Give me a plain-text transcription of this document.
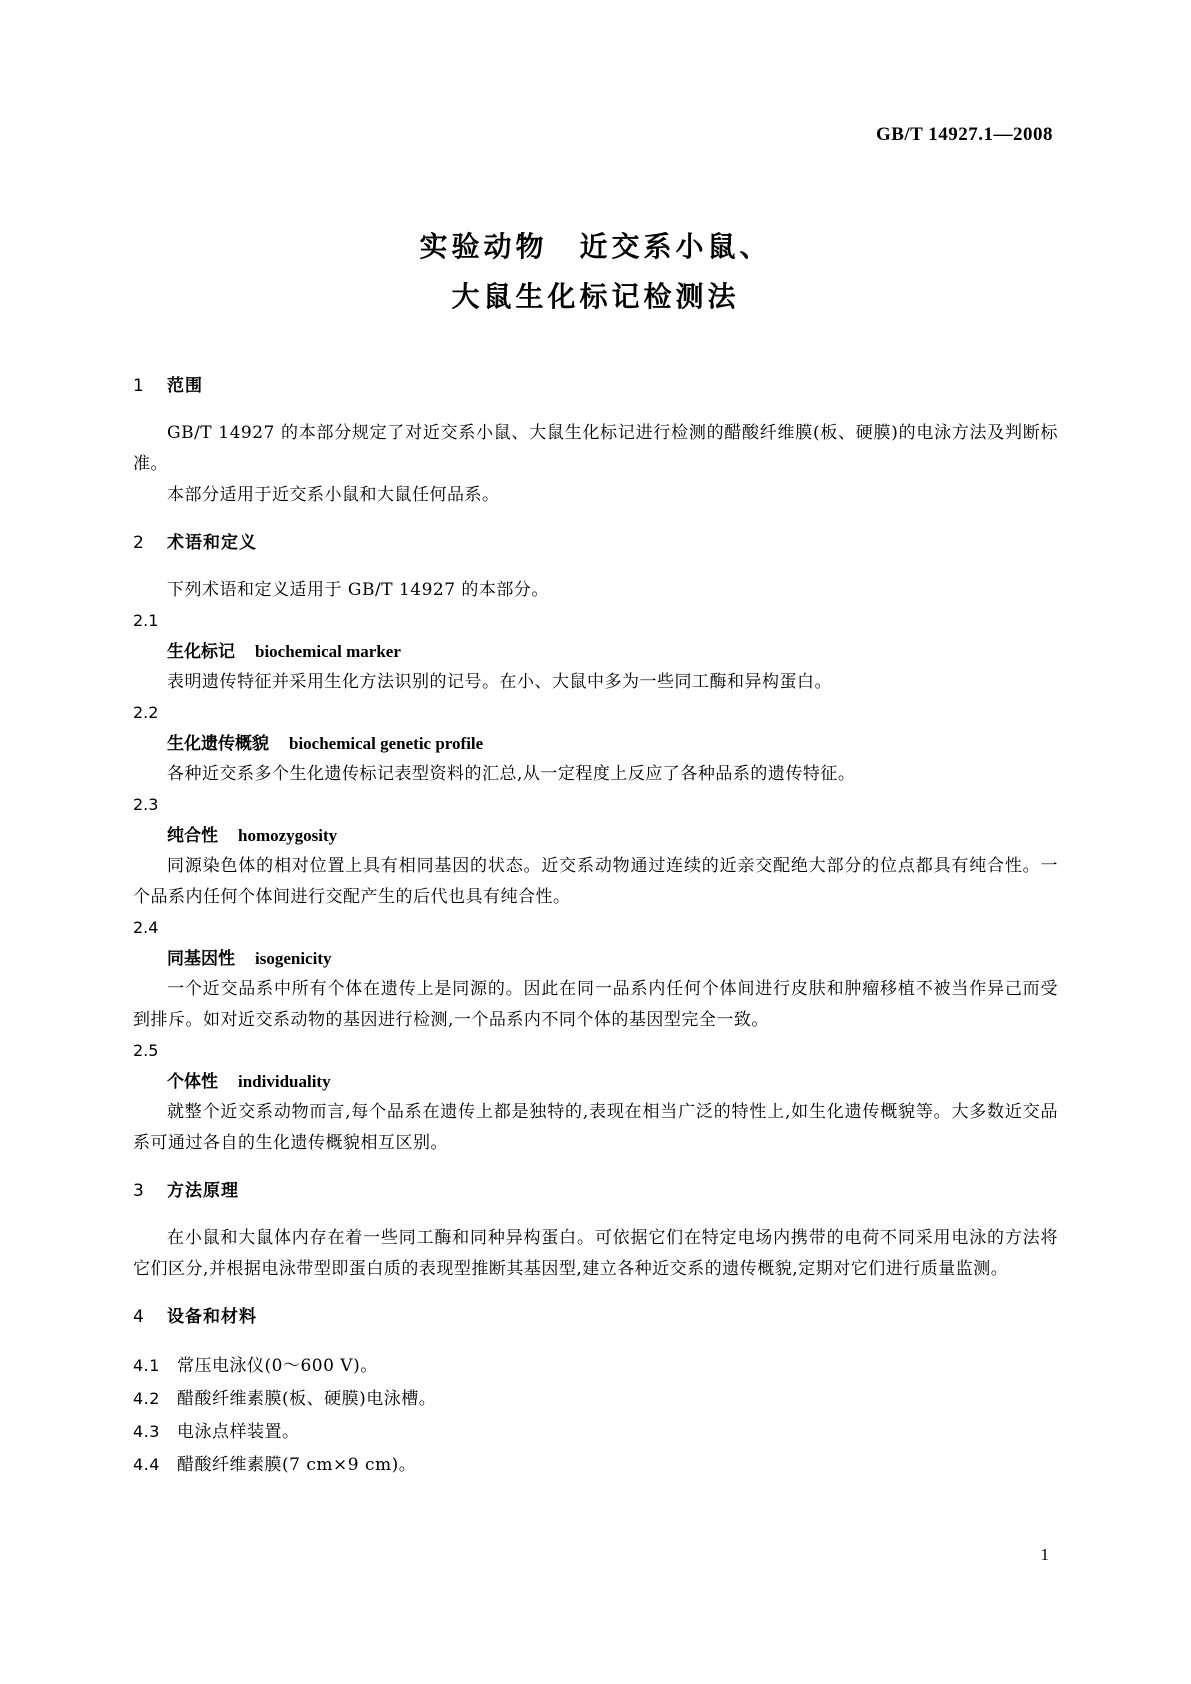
GB/T 14927.1—2008
实验动物　近交系小鼠、
大鼠生化标记检测法
1 范围
GB/T 14927 的本部分规定了对近交系小鼠、大鼠生化标记进行检测的醋酸纤维膜(板、硬膜)的电泳方法及判断标准。
本部分适用于近交系小鼠和大鼠任何品系。
2 术语和定义
下列术语和定义适用于 GB/T 14927 的本部分。
2.1
生化标记 biochemical marker
表明遗传特征并采用生化方法识别的记号。在小、大鼠中多为一些同工酶和异构蛋白。
2.2
生化遗传概貌 biochemical genetic profile
各种近交系多个生化遗传标记表型资料的汇总,从一定程度上反应了各种品系的遗传特征。
2.3
纯合性 homozygosity
同源染色体的相对位置上具有相同基因的状态。近交系动物通过连续的近亲交配绝大部分的位点都具有纯合性。一个品系内任何个体间进行交配产生的后代也具有纯合性。
2.4
同基因性 isogenicity
一个近交品系中所有个体在遗传上是同源的。因此在同一品系内任何个体间进行皮肤和肿瘤移植不被当作异己而受到排斥。如对近交系动物的基因进行检测,一个品系内不同个体的基因型完全一致。
2.5
个体性 individuality
就整个近交系动物而言,每个品系在遗传上都是独特的,表现在相当广泛的特性上,如生化遗传概貌等。大多数近交品系可通过各自的生化遗传概貌相互区别。
3 方法原理
在小鼠和大鼠体内存在着一些同工酶和同种异构蛋白。可依据它们在特定电场内携带的电荷不同采用电泳的方法将它们区分,并根据电泳带型即蛋白质的表现型推断其基因型,建立各种近交系的遗传概貌,定期对它们进行质量监测。
4 设备和材料
4.1 常压电泳仪(0～600 V)。
4.2 醋酸纤维素膜(板、硬膜)电泳槽。
4.3 电泳点样装置。
4.4 醋酸纤维素膜(7 cm×9 cm)。
1
